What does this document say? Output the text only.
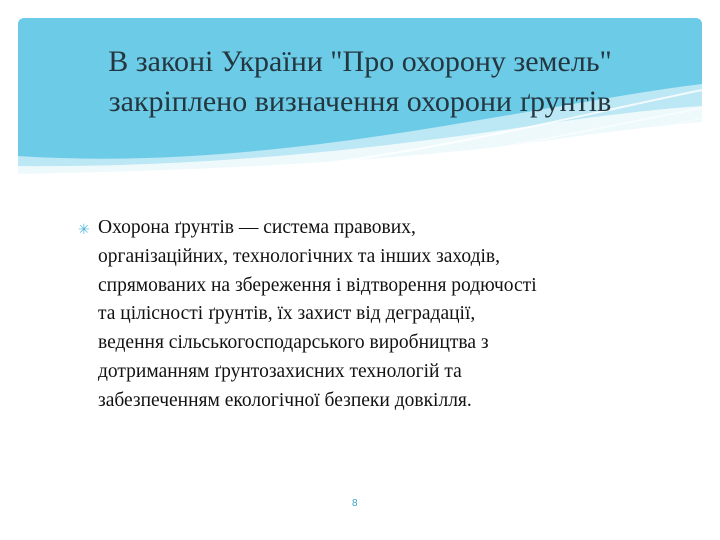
В законі України "Про охорону земель"
закріплено визначення охорони ґрунтів
✳ Охорона ґрунтів — система правових,
організаційних, технологічних та інших заходів,
спрямованих на збереження і відтворення родючості
та цілісності ґрунтів, їх захист від деградації,
ведення сільськогосподарського виробництва з
дотриманням ґрунтозахисних технологій та
забезпеченням екологічної безпеки довкілля.
8
